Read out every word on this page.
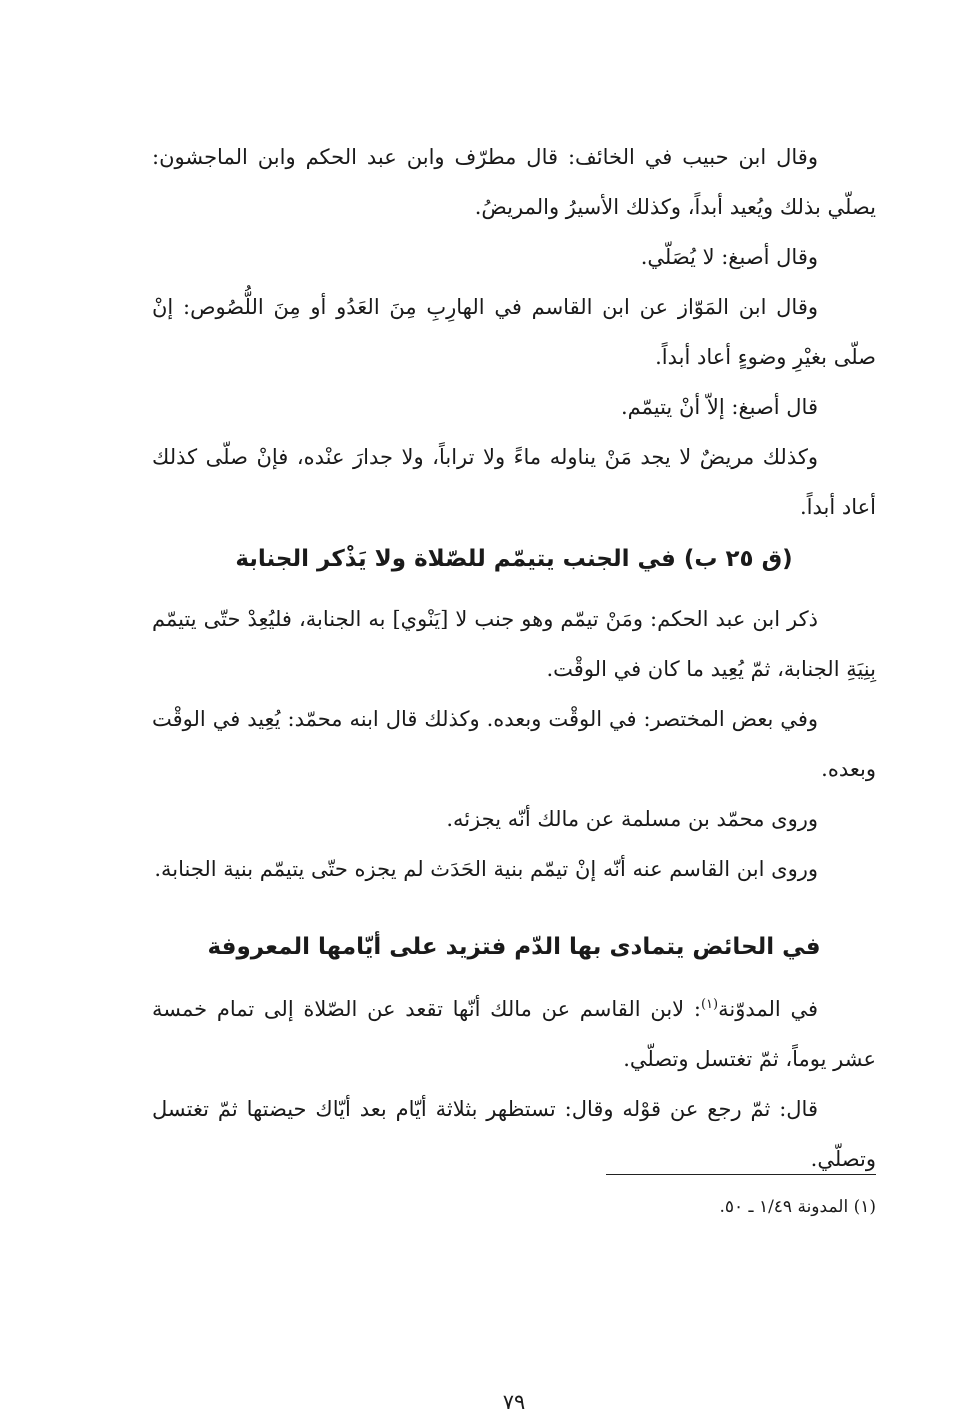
وقال ابن حبيب في الخائف: قال مطرّف وابن عبد الحكم وابن الماجشون: يصلّي بذلك ويُعيد أبداً، وكذلك الأسيرُ والمريضُ.

وقال أصبغ: لا يُصَلّي.

وقال ابن المَوّاز عن ابن القاسم في الهارِبِ مِنَ العَدُو أو مِنَ اللُّصُوص: إنْ صلّى بغيْرِ وضوءٍ أعاد أبداً.

قال أصبغ: إلاّ أنْ يتيمّم.

وكذلك مريضٌ لا يجد مَنْ يناوله ماءً ولا تراباً، ولا جدارَ عنْده، فإنْ صلّى كذلك أعاد أبداً.

(ق ٢٥ ب) في الجنب يتيمّم للصّلاة ولا يَذْكر الجنابة

ذكر ابن عبد الحكم: ومَنْ تيمّم وهو جنب لا [يَنْوي] به الجنابة، فليُعِدْ حتّى يتيمّم بِنِيَةِ الجنابة، ثمّ يُعِيد ما كان في الوقْت.

وفي بعض المختصر: في الوقْت وبعده. وكذلك قال ابنه محمّد: يُعِيد في الوقْت وبعده.

وروى محمّد بن مسلمة عن مالك أنّه يجزئه.

وروى ابن القاسم عنه أنّه إنْ تيمّم بنية الحَدَث لم يجزه حتّى يتيمّم بنية الجنابة.

في الحائض يتمادى بها الدّم فتزيد على أيّامها المعروفة

في المدوّنة$^{(١)}$: لابن القاسم عن مالك أنّها تقعد عن الصّلاة إلى تمام خمسة عشر يوماً، ثمّ تغتسل وتصلّي.

قال: ثمّ رجع عن قوْله وقال: تستظهر بثلاثة أيّام بعد أيّاك حيضتها ثمّ تغتسل وتصلّي.

(١) المدونة ١/٤٩ ـ ٥٠.
٧٩
